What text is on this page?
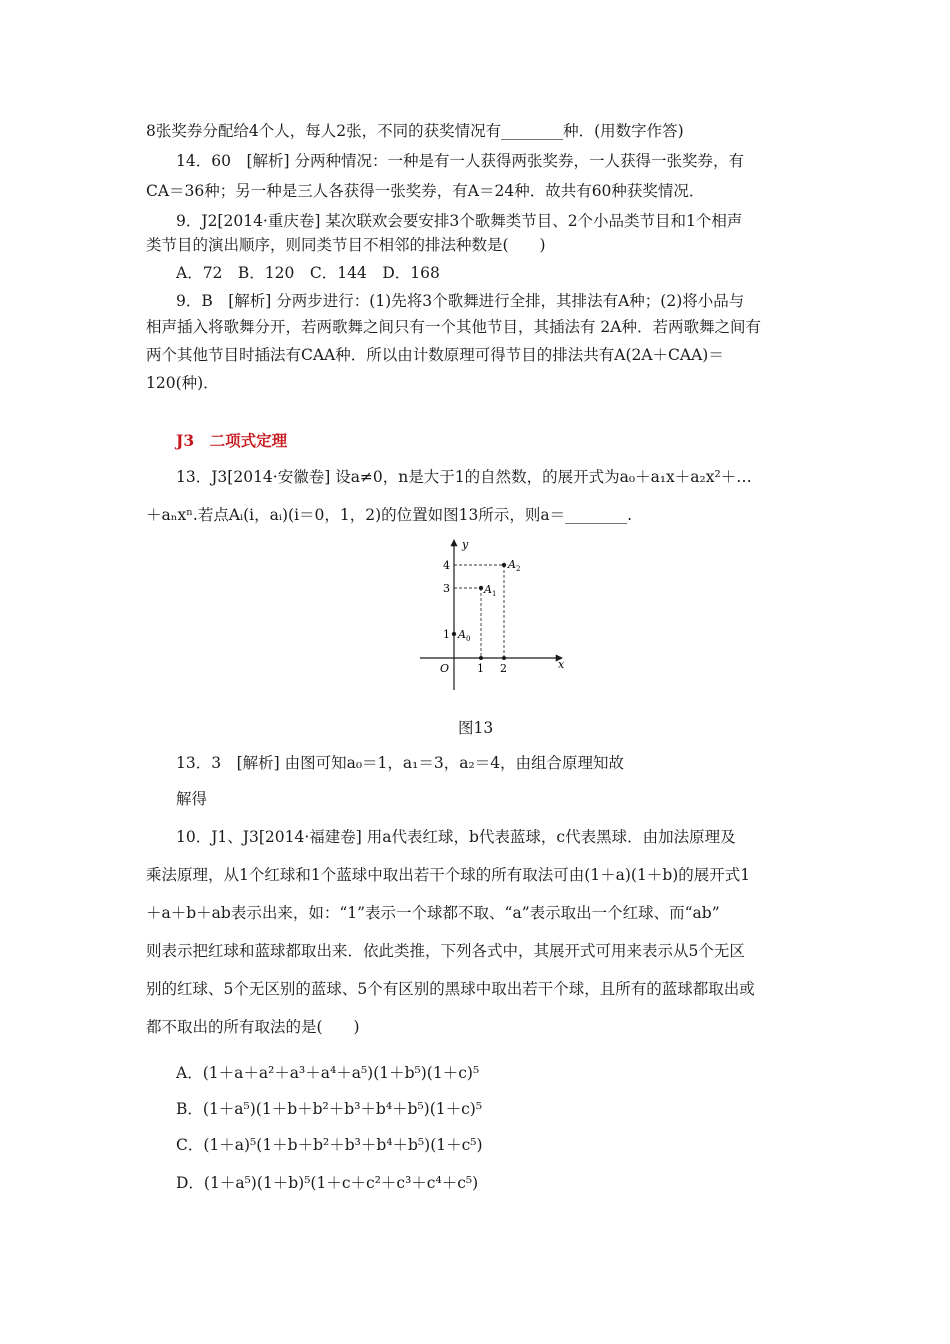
8张奖券分配给4个人，每人2张，不同的获奖情况有________种．(用数字作答)
14．60　[解析] 分两种情况：一种是有一人获得两张奖券，一人获得一张奖券，有
CA＝36种；另一种是三人各获得一张奖券，有A＝24种．故共有60种获奖情况．
9．J2[2014·重庆卷] 某次联欢会要安排3个歌舞类节目、2个小品类节目和1个相声
类节目的演出顺序，则同类节目不相邻的排法种数是(　　)
A．72　B．120　C．144　D．168
9．B　[解析] 分两步进行：(1)先将3个歌舞进行全排，其排法有A种；(2)将小品与
相声插入将歌舞分开，若两歌舞之间只有一个其他节目，其插法有 2A种．若两歌舞之间有
两个其他节目时插法有CAA种．所以由计数原理可得节目的排法共有A(2A＋CAA)＝
120(种)．
J3　二项式定理
13．J3[2014·安徽卷] 设a≠0，n是大于1的自然数，的展开式为a₀＋a₁x＋a₂x²＋…
＋aₙxⁿ.若点Aᵢ(i，aᵢ)(i＝0，1，2)的位置如图13所示，则a＝________.
x
y
O
1
3
4
1 2
$A_0$
$A_1$
$A_2$
图13
13．3　[解析] 由图可知a₀＝1，a₁＝3，a₂＝4，由组合原理知故
解得
10．J1、J3[2014·福建卷] 用a代表红球，b代表蓝球，c代表黑球．由加法原理及
乘法原理，从1个红球和1个蓝球中取出若干个球的所有取法可由(1＋a)(1＋b)的展开式1
＋a＋b＋ab表示出来，如：“1”表示一个球都不取、“a”表示取出一个红球、而“ab”
则表示把红球和蓝球都取出来．依此类推，下列各式中，其展开式可用来表示从5个无区
别的红球、5个无区别的蓝球、5个有区别的黑球中取出若干个球，且所有的蓝球都取出或
都不取出的所有取法的是(　　)
A．(1＋a＋a²＋a³＋a⁴＋a⁵)(1＋b⁵)(1＋c)⁵
B．(1＋a⁵)(1＋b＋b²＋b³＋b⁴＋b⁵)(1＋c)⁵
C．(1＋a)⁵(1＋b＋b²＋b³＋b⁴＋b⁵)(1＋c⁵)
D．(1＋a⁵)(1＋b)⁵(1＋c＋c²＋c³＋c⁴＋c⁵)
